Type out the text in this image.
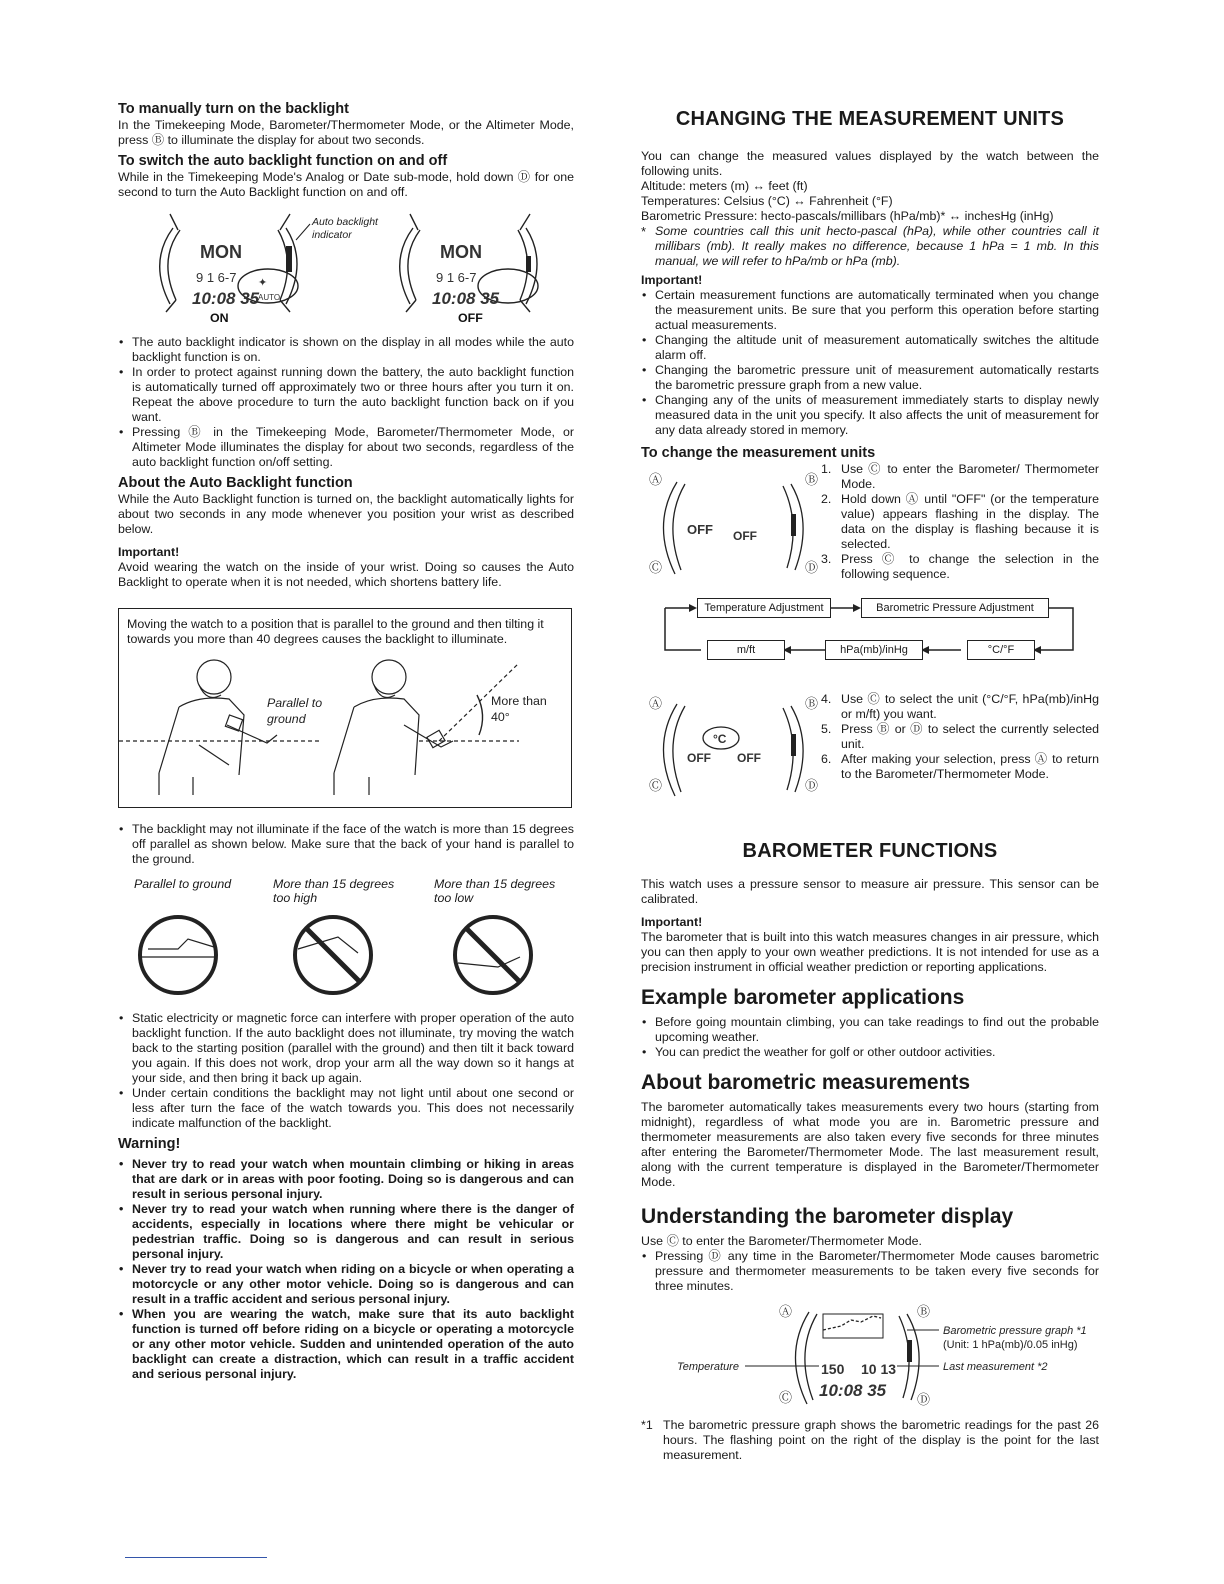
To manually turn on the backlight

In the Timekeeping Mode, Barometer/Thermometer Mode, or the Altimeter Mode, press Ⓑ to illuminate the display for about two seconds.

To switch the auto backlight function on and off

While in the Timekeeping Mode's Analog or Date sub-mode, hold down Ⓓ for one second to turn the Auto Backlight function on and off.

MON
9 1 6-7
10:08 35
AUTO
✦
Auto backlight
indicator
ON
MON
9 1 6-7
10:08 35
OFF
• The auto backlight indicator is shown on the display in all modes while the auto backlight function is on.
• In order to protect against running down the battery, the auto backlight function is automatically turned off approximately two or three hours after you turn it on. Repeat the above procedure to turn the auto backlight function back on if you want.
• Pressing Ⓑ in the Timekeeping Mode, Barometer/Thermometer Mode, or Altimeter Mode illuminates the display for about two seconds, regardless of the auto backlight function on/off setting.
About the Auto Backlight function

While the Auto Backlight function is turned on, the backlight automatically lights for about two seconds in any mode whenever you position your wrist as described below.

Important!

Avoid wearing the watch on the inside of your wrist. Doing so causes the Auto Backlight to operate when it is not needed, which shortens battery life.

Moving the watch to a position that is parallel to the ground and then tilting it towards you more than 40 degrees causes the backlight to illuminate.

Parallel to
ground
More than
40°
• The backlight may not illuminate if the face of the watch is more than 15 degrees off parallel as shown below. Make sure that the back of your hand is parallel to the ground.
Parallel to ground	More than 15 degrees too high
More than 15 degrees too low
• Static electricity or magnetic force can interfere with proper operation of the auto backlight function. If the auto backlight does not illuminate, try moving the watch back to the starting position (parallel with the ground) and then tilt it back toward you again. If this does not work, drop your arm all the way down so it hangs at your side, and then bring it back up again.
• Under certain conditions the backlight may not light until about one second or less after turn the face of the watch towards you. This does not necessarily indicate malfunction of the backlight.
Warning!
• Never try to read your watch when mountain climbing or hiking in areas that are dark or in areas with poor footing. Doing so is dangerous and can result in serious personal injury.
• Never try to read your watch when running where there is the danger of accidents, especially in locations where there might be vehicular or pedestrian traffic. Doing so is dangerous and can result in serious personal injury.
• Never try to read your watch when riding on a bicycle or when operating a motorcycle or any other motor vehicle. Doing so is dangerous and can result in a traffic accident and serious personal injury.
• When you are wearing the watch, make sure that its auto backlight function is turned off before riding on a bicycle or operating a motorcycle or any other motor vehicle. Sudden and unintended operation of the auto backlight can create a distraction, which can result in a traffic accident and serious personal injury.
CHANGING THE MEASUREMENT UNITS

You can change the measured values displayed by the watch between the following units.

Altitude: meters (m) ↔ feet (ft)

Temperatures: Celsius (°C) ↔ Fahrenheit (°F)

Barometric Pressure: hecto-pascals/millibars (hPa/mb)* ↔ inchesHg (inHg)

* Some countries call this unit hecto-pascal (hPa), while other countries call it millibars (mb). It really makes no difference, because 1 hPa = 1 mb. In this manual, we will refer to hPa/mb or hPa (mb).

Important!

• Certain measurement functions are automatically terminated when you change the measurement units. Be sure that you perform this operation before starting actual measurements.
• Changing the altitude unit of measurement automatically switches the altitude alarm off.
• Changing the barometric pressure unit of measurement automatically restarts the barometric pressure graph from a new value.
• Changing any of the units of measurement immediately starts to display newly measured data in the unit you specify. It also affects the unit of measurement for any data already stored in memory.
To change the measurement units
Ⓐ	Ⓑ
Ⓒ	Ⓓ
OFF OFF
1. Use Ⓒ to enter the Barometer/ Thermometer Mode.
2. Hold down Ⓐ until "OFF" (or the temperature value) appears flashing in the display. The data on the display is flashing because it is selected.
3. Press Ⓒ to change the selection in the following sequence.
Temperature Adjustment	Barometric Pressure Adjustment
m/ft	hPa(mb)/inHg	°C/°F
Ⓐ	Ⓑ
Ⓒ	Ⓓ
°C
OFF OFF
4. Use Ⓒ to select the unit (°C/°F, hPa(mb)/inHg or m/ft) you want.
5. Press Ⓑ or Ⓓ to select the currently selected unit.
6. After making your selection, press Ⓐ to return to the Barometer/Thermometer Mode.
BAROMETER FUNCTIONS

This watch uses a pressure sensor to measure air pressure. This sensor can be calibrated.

Important!

The barometer that is built into this watch measures changes in air pressure, which you can then apply to your own weather predictions. It is not intended for use as a precision instrument in official weather prediction or reporting applications.

Example barometer applications
• Before going mountain climbing, you can take readings to find out the probable upcoming weather.
• You can predict the weather for golf or other outdoor activities.
About barometric measurements

The barometer automatically takes measurements every two hours (starting from midnight), regardless of what mode you are in. Barometric pressure and thermometer measurements are also taken every five seconds for three minutes after entering the Barometer/Thermometer Mode. The last measurement result, along with the current temperature is displayed in the Barometer/Thermometer Mode.

Understanding the barometer display

Use Ⓒ to enter the Barometer/Thermometer Mode.

• Pressing Ⓓ any time in the Barometer/Thermometer Mode causes barometric pressure and thermometer measurements to be taken every five seconds for three minutes.
Ⓐ	Ⓑ
Ⓒ	Ⓓ
150 10 13
10:08 35
Barometric pressure graph *1
(Unit: 1 hPa(mb)/0.05 inHg)
Last measurement *2
Temperature
*1 The barometric pressure graph shows the barometric readings for the past 26 hours. The flashing point on the right of the display is the point for the last measurement.
